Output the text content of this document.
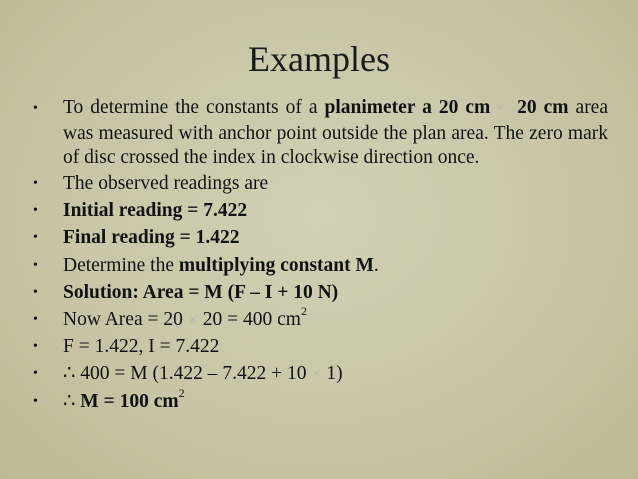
Examples
• To determine the constants of a planimeter a 20 cm × 20 cm area was measured with anchor point outside the plan area. The zero mark of disc crossed the index in clockwise direction once.
• The observed readings are
• Initial reading = 7.422
• Final reading = 1.422
• Determine the multiplying constant M.
• Solution: Area = M (F – I + 10 N)
• Now Area = 20 × 20 = 400 $cm^2$
• F = 1.422, I = 7.422
• ∴ 400 = M (1.422 – 7.422 + 10 × 1)
• ∴ M = 100 $cm^2$
